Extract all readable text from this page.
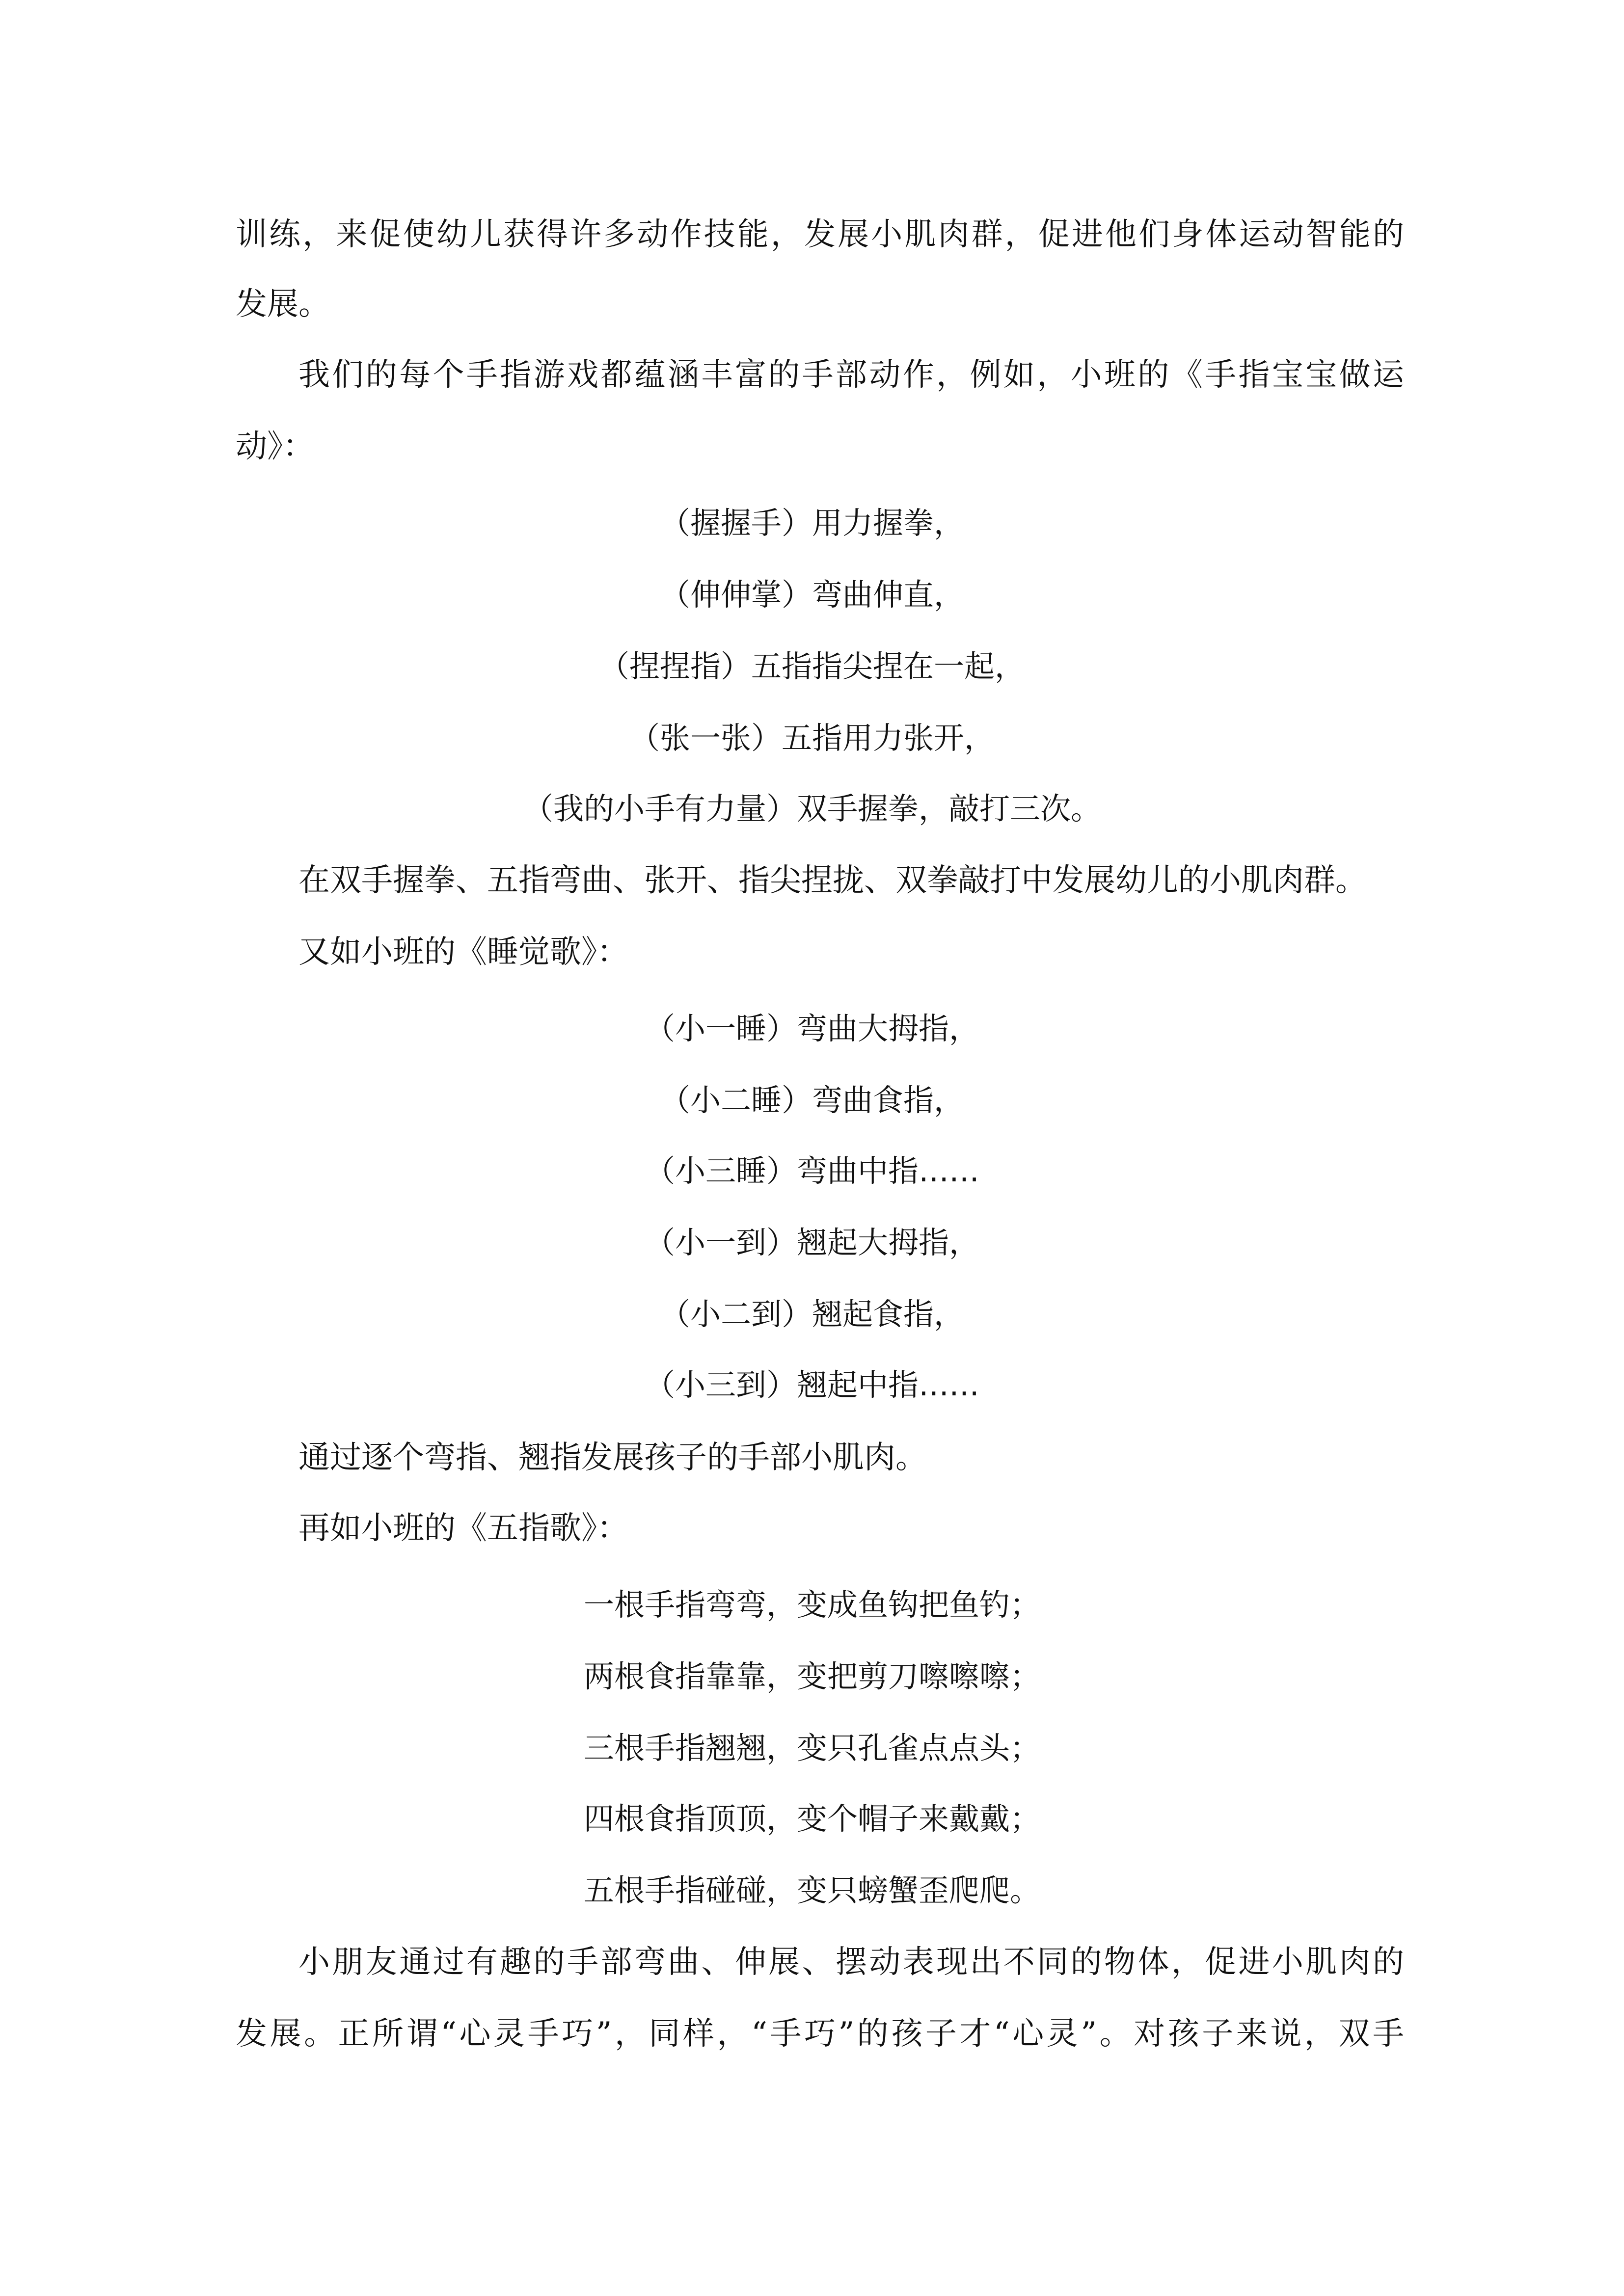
训练，来促使幼儿获得许多动作技能，发展小肌肉群，促进他们身体运动智能的

发展。

我们的每个手指游戏都蕴涵丰富的手部动作，例如，小班的《手指宝宝做运

动》：

（握握手）用力握拳，

（伸伸掌）弯曲伸直，

（捏捏指）五指指尖捏在一起，

（张一张）五指用力张开，

（我的小手有力量）双手握拳，敲打三次。

在双手握拳、五指弯曲、张开、指尖捏拢、双拳敲打中发展幼儿的小肌肉群。

又如小班的《睡觉歌》：

（小一睡）弯曲大拇指，

（小二睡）弯曲食指，

（小三睡）弯曲中指……

（小一到）翘起大拇指，

（小二到）翘起食指，

（小三到）翘起中指……

通过逐个弯指、翘指发展孩子的手部小肌肉。

再如小班的《五指歌》：

一根手指弯弯，变成鱼钩把鱼钓；

两根食指靠靠，变把剪刀嚓嚓嚓；

三根手指翘翘，变只孔雀点点头；

四根食指顶顶，变个帽子来戴戴；

五根手指碰碰，变只螃蟹歪爬爬。

小朋友通过有趣的手部弯曲、伸展、摆动表现出不同的物体，促进小肌肉的

发展。正所谓“心灵手巧”，同样，“手巧”的孩子才“心灵”。对孩子来说，双手
